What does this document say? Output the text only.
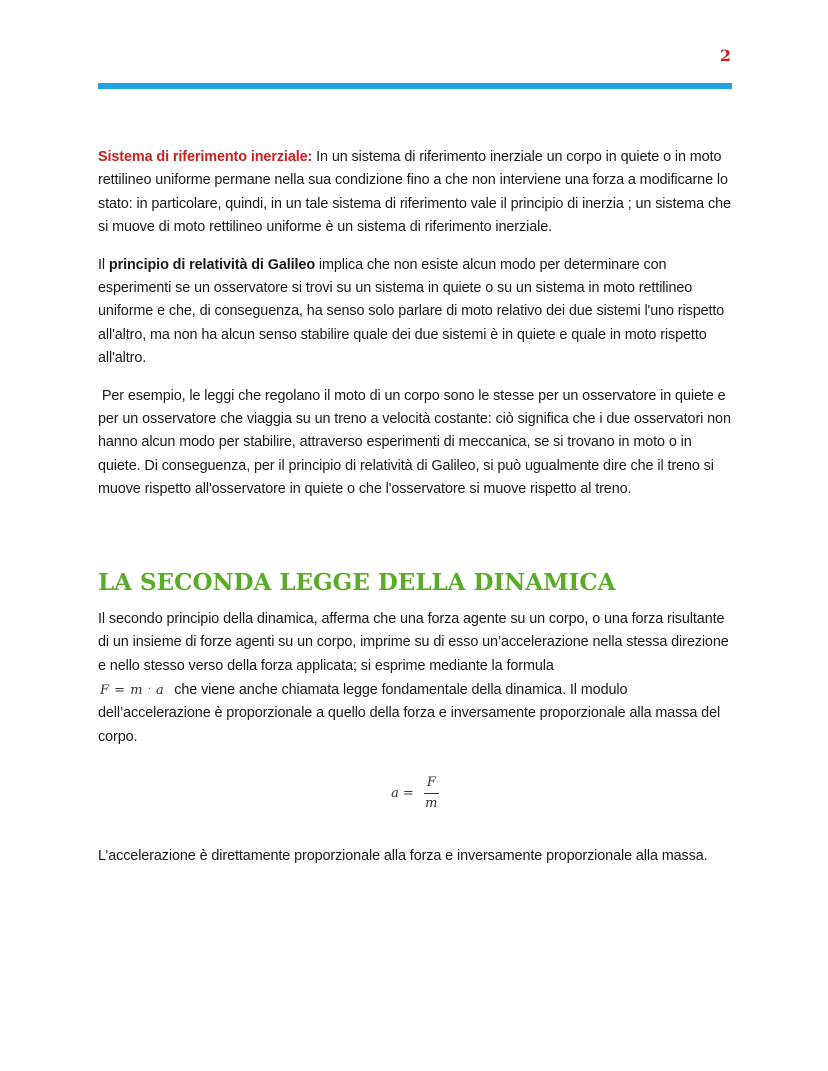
2

Sistema di riferimento inerziale: In un sistema di riferimento inerziale un corpo in quiete o in moto rettilineo uniforme permane nella sua condizione fino a che non interviene una forza a modificarne lo stato: in particolare, quindi, in un tale sistema di riferimento vale il principio di inerzia ; un sistema che si muove di moto rettilineo uniforme è un sistema di riferimento inerziale.

Il principio di relatività di Galileo implica che non esiste alcun modo per determinare con esperimenti se un osservatore si trovi su un sistema in quiete o su un sistema in moto rettilineo uniforme e che, di conseguenza, ha senso solo parlare di moto relativo dei due sistemi l'uno rispetto all'altro, ma non ha alcun senso stabilire quale dei due sistemi è in quiete e quale in moto rispetto all'altro.

Per esempio, le leggi che regolano il moto di un corpo sono le stesse per un osservatore in quiete e per un osservatore che viaggia su un treno a velocità costante: ciò significa che i due osservatori non hanno alcun modo per stabilire, attraverso esperimenti di meccanica, se si trovano in moto o in quiete. Di conseguenza, per il principio di relatività di Galileo, si può ugualmente dire che il treno si muove rispetto all'osservatore in quiete o che l'osservatore si muove rispetto al treno.

LA SECONDA LEGGE DELLA DINAMICA

Il secondo principio della dinamica, afferma che una forza agente su un corpo, o una forza risultante di un insieme di forze agenti su un corpo, imprime su di esso un’accelerazione nella stessa direzione e nello stesso verso della forza applicata; si esprime mediante la formula
F = m · a che viene anche chiamata legge fondamentale della dinamica. Il modulo dell’accelerazione è proporzionale a quello della forza e inversamente proporzionale alla massa del corpo.

$a = \frac{F}{m}$

L’accelerazione è direttamente proporzionale alla forza e inversamente proporzionale alla massa.
